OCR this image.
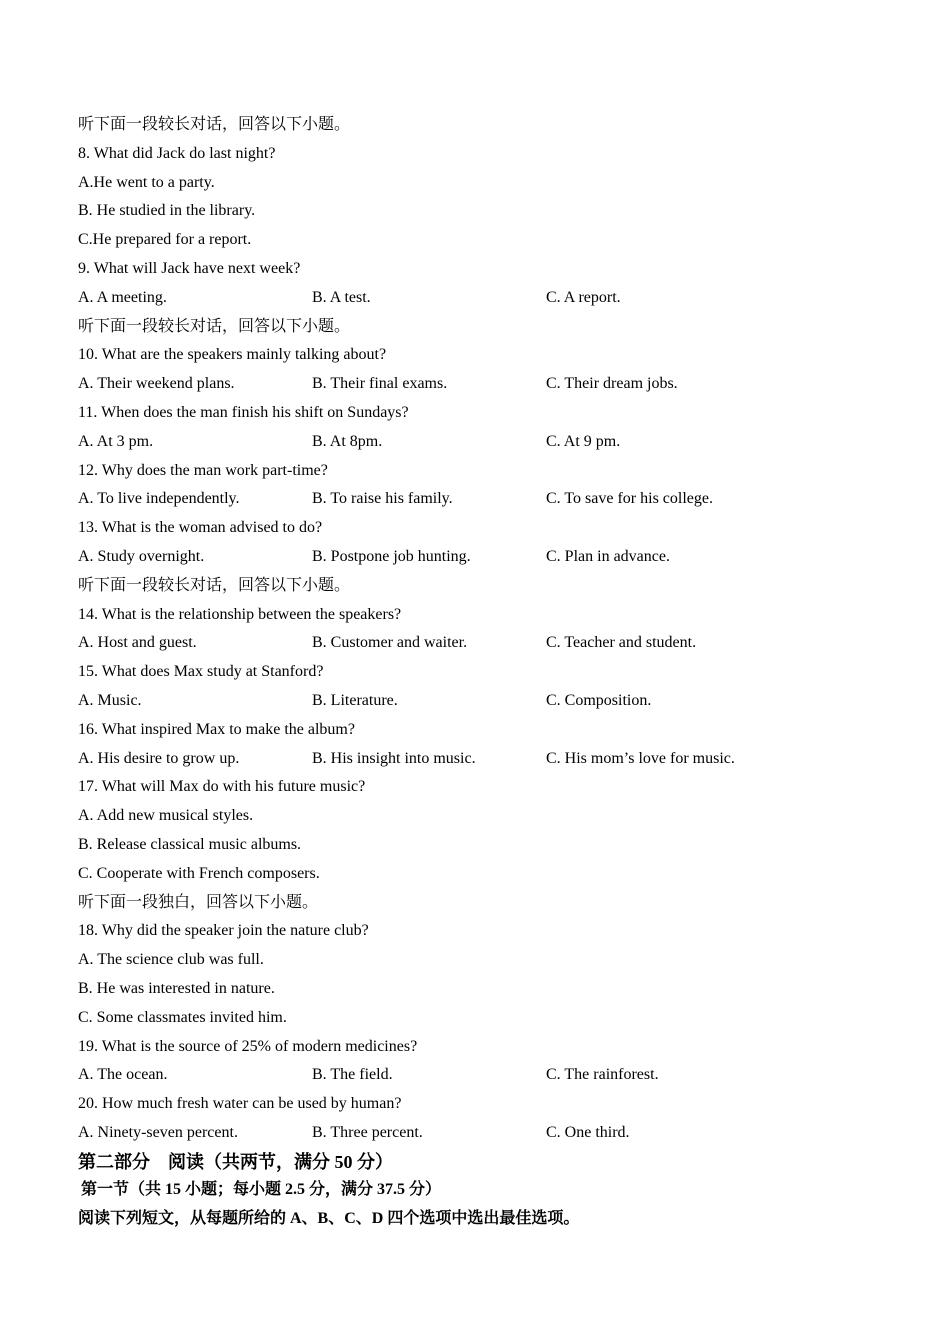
听下面一段较长对话，回答以下小题。
8. What did Jack do last night?
A.He went to a party.
B. He studied in the library.
C.He prepared for a report.
9. What will Jack have next week?
A. A meeting.	B. A test.	C. A report.
听下面一段较长对话，回答以下小题。
10. What are the speakers mainly talking about?
A. Their weekend plans.	B. Their final exams.	C. Their dream jobs.
11. When does the man finish his shift on Sundays?
A. At 3 pm.	B. At 8pm.	C. At 9 pm.
12. Why does the man work part-time?
A. To live independently.	B. To raise his family.	C. To save for his college.
13. What is the woman advised to do?
A. Study overnight.	B. Postpone job hunting.	C. Plan in advance.
听下面一段较长对话，回答以下小题。
14. What is the relationship between the speakers?
A. Host and guest.	B. Customer and waiter.	C. Teacher and student.
15. What does Max study at Stanford?
A. Music.	B. Literature.	C. Composition.
16. What inspired Max to make the album?
A. His desire to grow up.	B. His insight into music.	C. His mom’s love for music.
17. What will Max do with his future music?
A. Add new musical styles.
B. Release classical music albums.
C. Cooperate with French composers.
听下面一段独白，回答以下小题。
18. Why did the speaker join the nature club?
A. The science club was full.
B. He was interested in nature.
C. Some classmates invited him.
19. What is the source of 25% of modern medicines?
A. The ocean.	B. The field.	C. The rainforest.
20. How much fresh water can be used by human?
A. Ninety-seven percent.	B. Three percent.	C. One third.
第二部分　阅读（共两节，满分 50 分）
第一节（共 15 小题；每小题 2.5 分，满分 37.5 分）
阅读下列短文，从每题所给的 A、B、C、D 四个选项中选出最佳选项。
